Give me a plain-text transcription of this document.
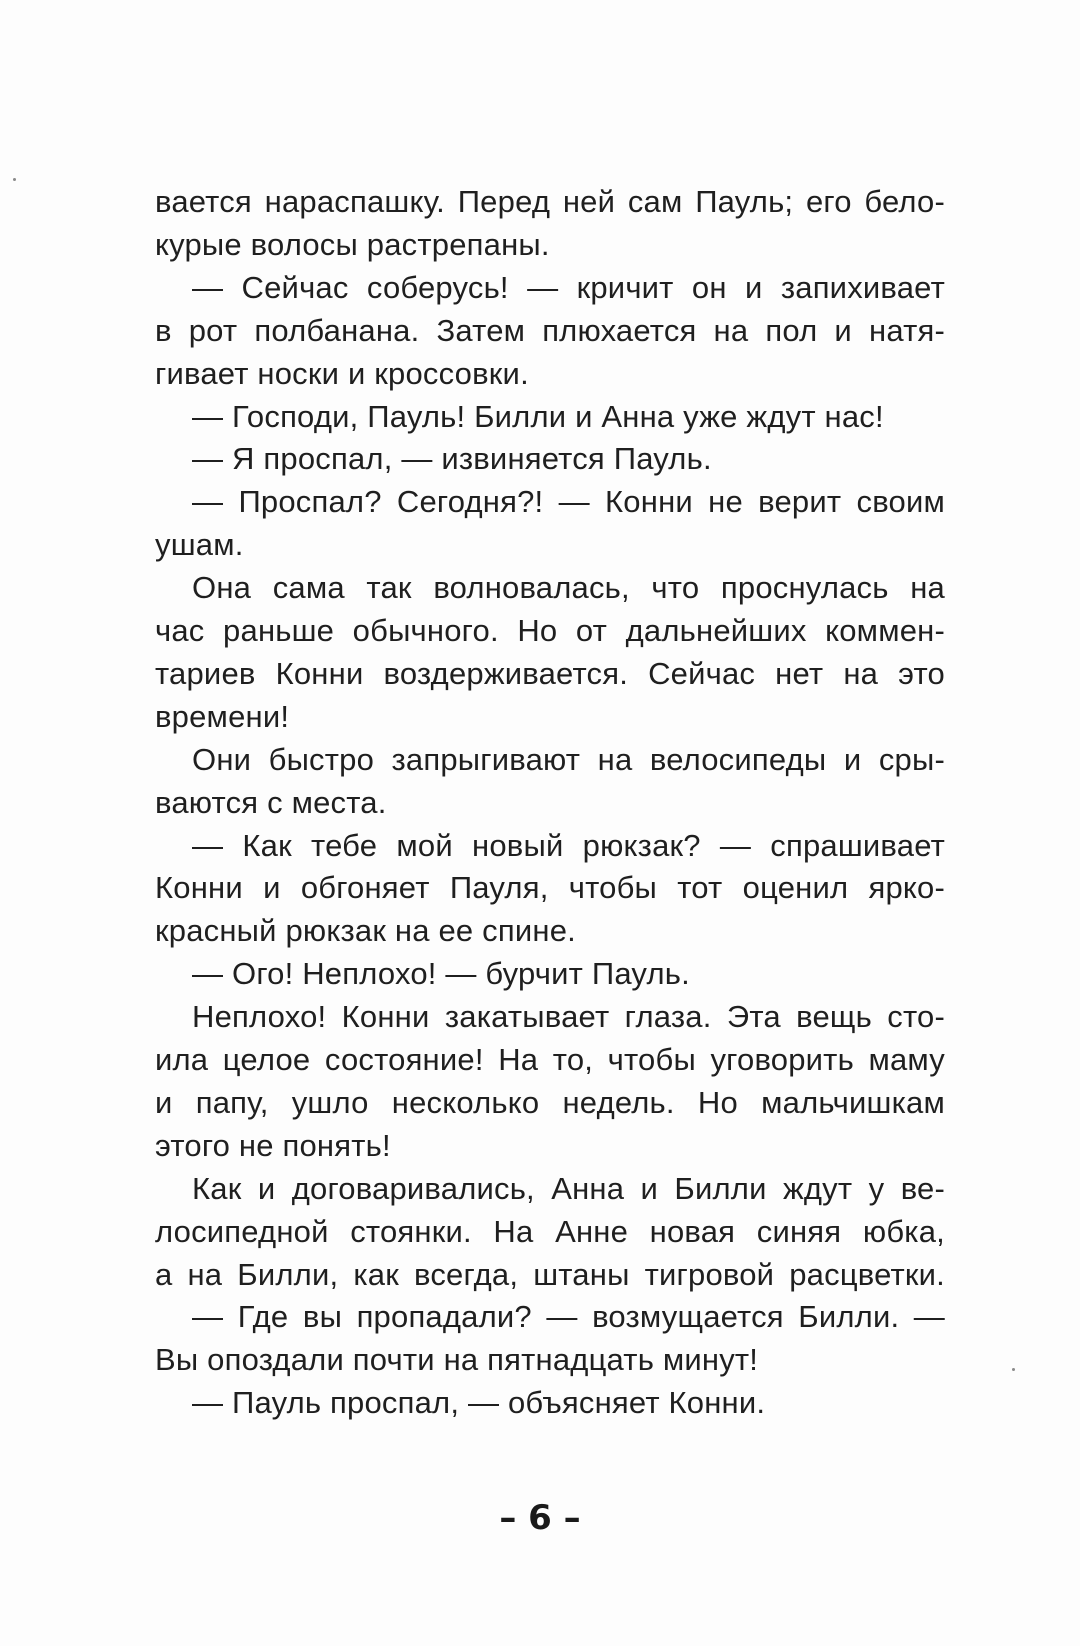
вается нараспашку. Перед ней сам Пауль; его бело-
курые волосы растрепаны.
— Сейчас соберусь! — кричит он и запихивает
в рот полбанана. Затем плюхается на пол и натя-
гивает носки и кроссовки.
— Господи, Пауль! Билли и Анна уже ждут нас!
— Я проспал, — извиняется Пауль.
— Проспал? Сегодня?! — Конни не верит своим
ушам.
Она сама так волновалась, что проснулась на
час раньше обычного. Но от дальнейших коммен-
тариев Конни воздерживается. Сейчас нет на это
времени!
Они быстро запрыгивают на велосипеды и сры-
ваются с места.
— Как тебе мой новый рюкзак? — спрашивает
Конни и обгоняет Пауля, чтобы тот оценил ярко-
красный рюкзак на ее спине.
— Ого! Неплохо! — бурчит Пауль.
Неплохо! Конни закатывает глаза. Эта вещь сто-
ила целое состояние! На то, чтобы уговорить маму
и папу, ушло несколько недель. Но мальчишкам
этого не понять!
Как и договаривались, Анна и Билли ждут у ве-
лосипедной стоянки. На Анне новая синяя юбка,
а на Билли, как всегда, штаны тигровой расцветки.
— Где вы пропадали? — возмущается Билли. —
Вы опоздали почти на пятнадцать минут!
— Пауль проспал, — объясняет Конни.
– 6 –
